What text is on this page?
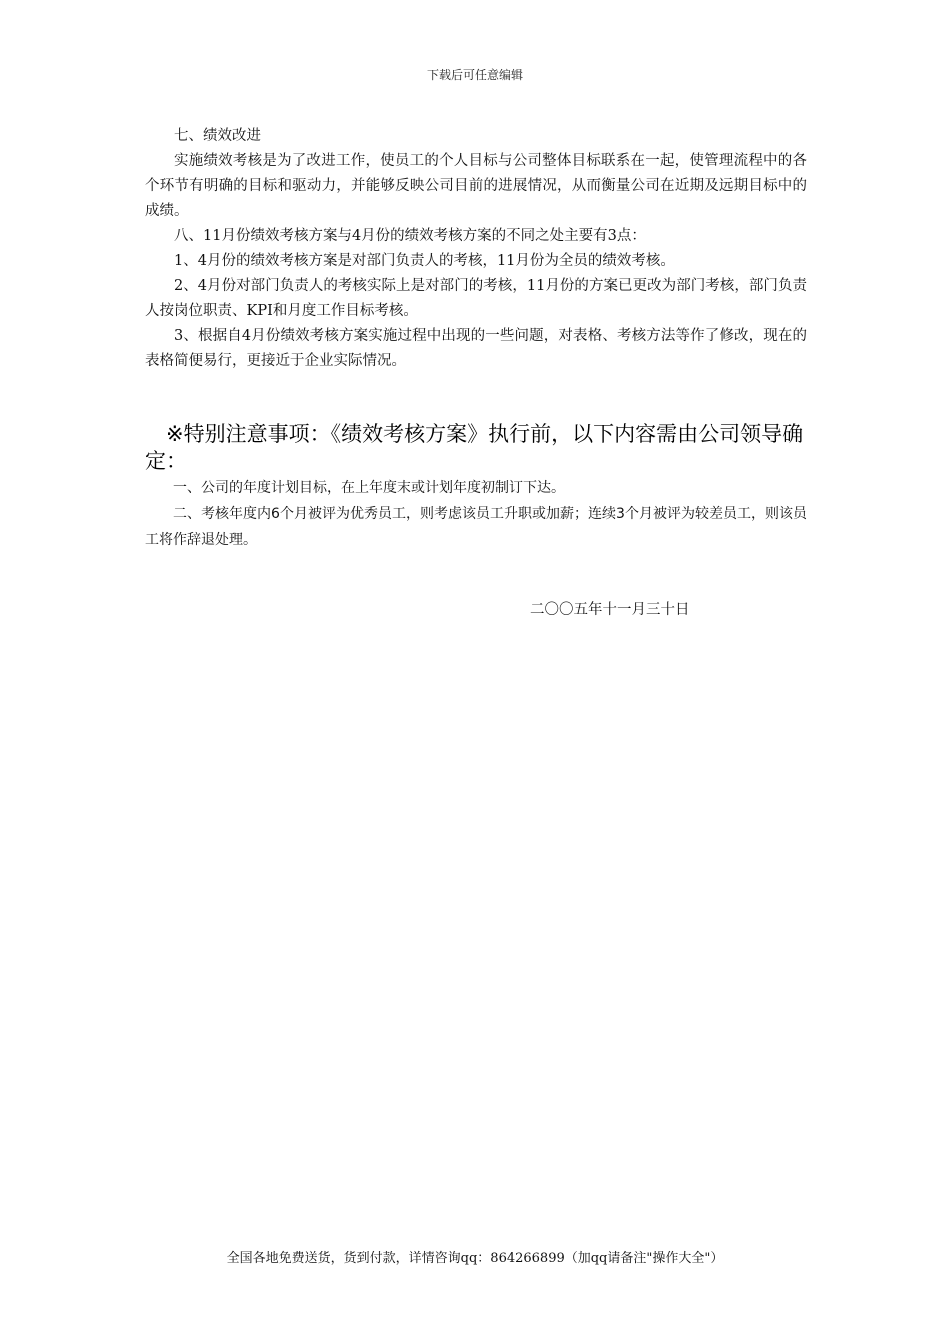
下载后可任意编辑

七、绩效改进

实施绩效考核是为了改进工作，使员工的个人目标与公司整体目标联系在一起，使管理流程中的各个环节有明确的目标和驱动力，并能够反映公司目前的进展情况，从而衡量公司在近期及远期目标中的成绩。

八、11月份绩效考核方案与4月份的绩效考核方案的不同之处主要有3点：

1、4月份的绩效考核方案是对部门负责人的考核，11月份为全员的绩效考核。

2、4月份对部门负责人的考核实际上是对部门的考核，11月份的方案已更改为部门考核，部门负责人按岗位职责、KPI和月度工作目标考核。

3、根据自4月份绩效考核方案实施过程中出现的一些问题，对表格、考核方法等作了修改，现在的表格简便易行，更接近于企业实际情况。

※特别注意事项：《绩效考核方案》执行前，以下内容需由公司领导确定：

一、公司的年度计划目标，在上年度末或计划年度初制订下达。

二、考核年度内6个月被评为优秀员工，则考虑该员工升职或加薪；连续3个月被评为较差员工，则该员工将作辞退处理。

二〇〇五年十一月三十日

全国各地免费送货，货到付款，详情咨询qq：864266899（加qq请备注"操作大全"）
